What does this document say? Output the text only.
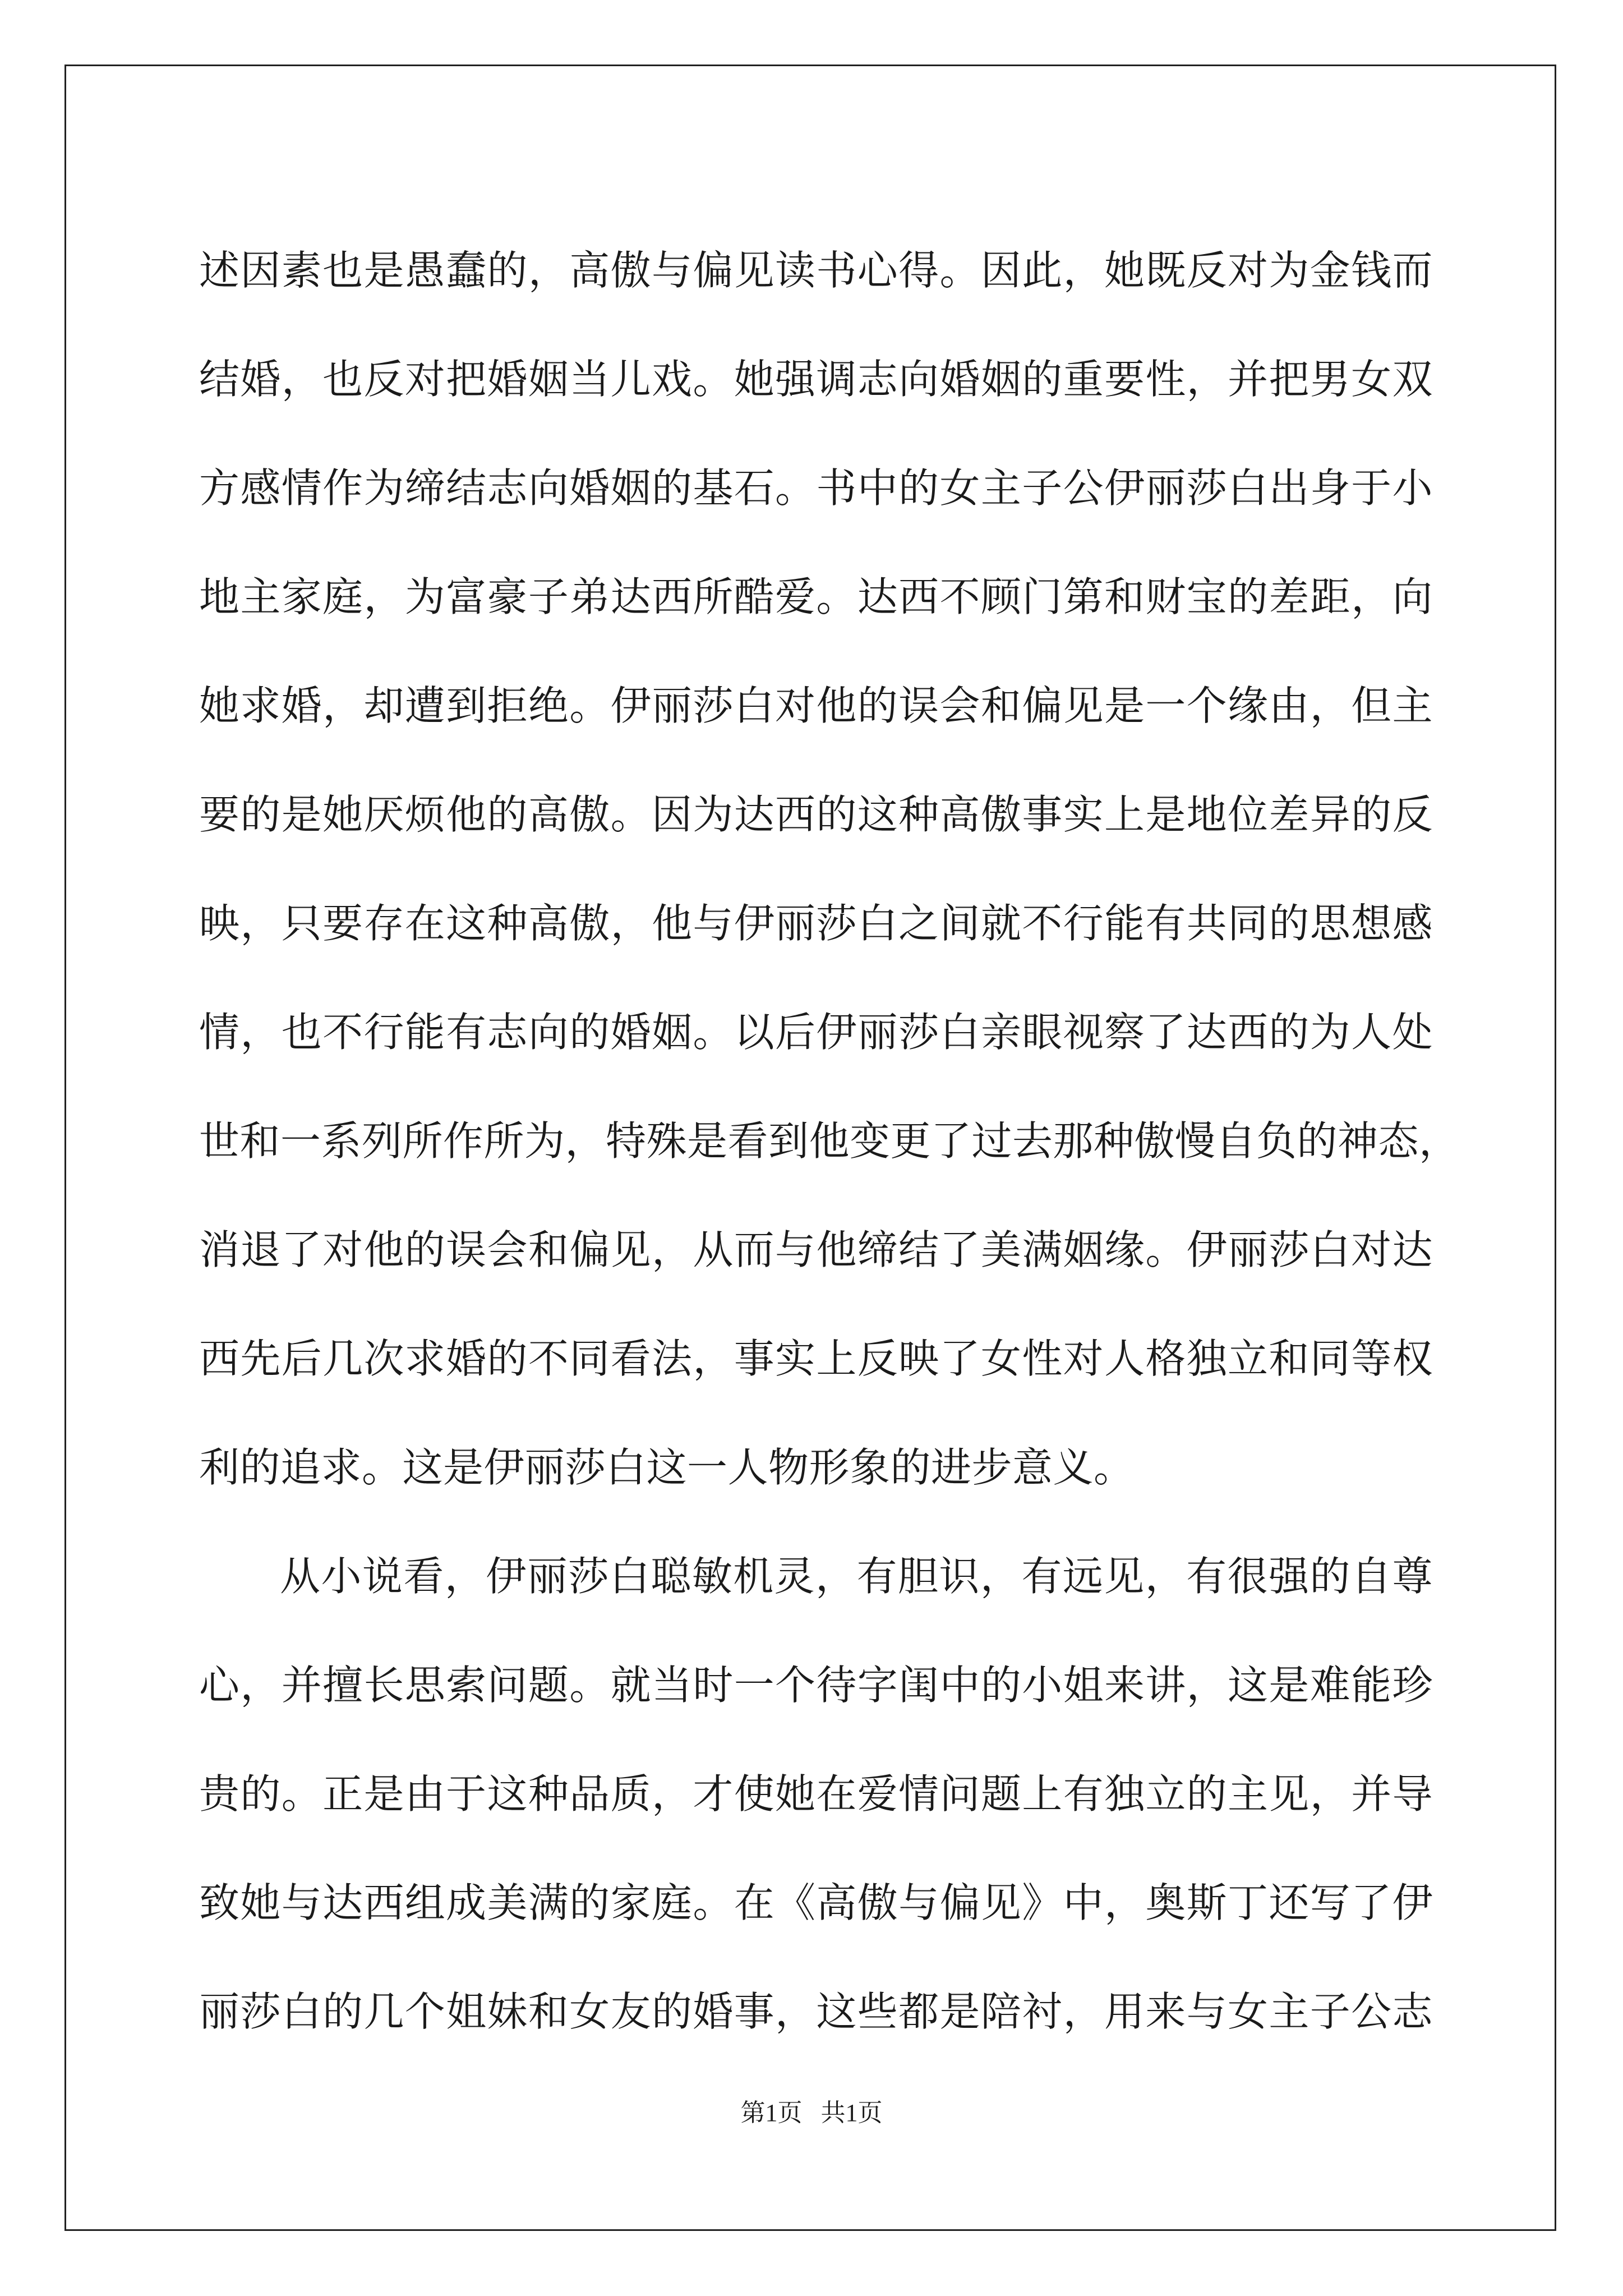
述因素也是愚蠢的，高傲与偏见读书心得。因此，她既反对为金钱而
结婚，也反对把婚姻当儿戏。她强调志向婚姻的重要性，并把男女双
方感情作为缔结志向婚姻的基石。书中的女主子公伊丽莎白出身于小
地主家庭，为富豪子弟达西所酷爱。达西不顾门第和财宝的差距，向
她求婚，却遭到拒绝。伊丽莎白对他的误会和偏见是一个缘由，但主
要的是她厌烦他的高傲。因为达西的这种高傲事实上是地位差异的反
映，只要存在这种高傲，他与伊丽莎白之间就不行能有共同的思想感
情，也不行能有志向的婚姻。以后伊丽莎白亲眼视察了达西的为人处
世和一系列所作所为，特殊是看到他变更了过去那种傲慢自负的神态，
消退了对他的误会和偏见，从而与他缔结了美满姻缘。伊丽莎白对达
西先后几次求婚的不同看法，事实上反映了女性对人格独立和同等权
利的追求。这是伊丽莎白这一人物形象的进步意义。
从小说看，伊丽莎白聪敏机灵，有胆识，有远见，有很强的自尊
心，并擅长思索问题。就当时一个待字闺中的小姐来讲，这是难能珍
贵的。正是由于这种品质，才使她在爱情问题上有独立的主见，并导
致她与达西组成美满的家庭。在《高傲与偏见》中，奥斯丁还写了伊
丽莎白的几个姐妹和女友的婚事，这些都是陪衬，用来与女主子公志
第1页 共1页
